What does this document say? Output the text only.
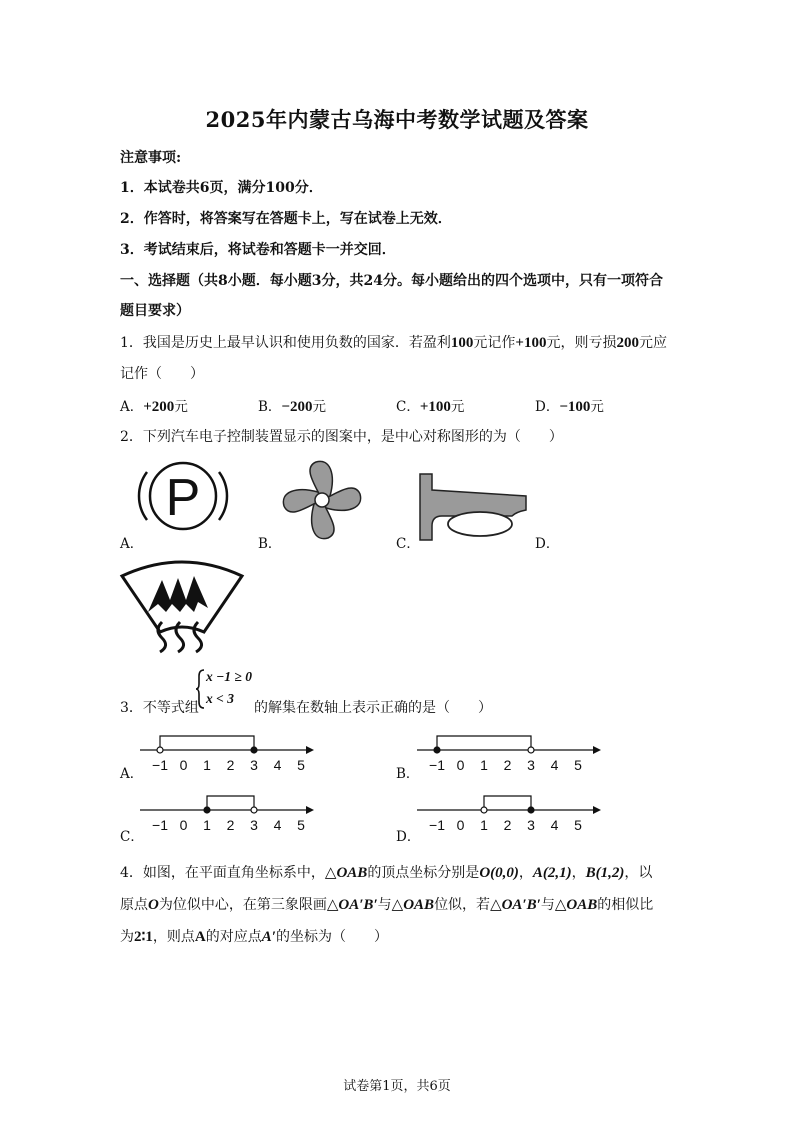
2025年内蒙古乌海中考数学试题及答案
注意事项:
1．本试卷共6页，满分100分．
2．作答时，将答案写在答题卡上，写在试卷上无效．
3．考试结束后，将试卷和答题卡一并交回．
一、选择题（共8小题．每小题3分，共24分。每小题给出的四个选项中，只有一项符合
题目要求）
1．我国是历史上最早认识和使用负数的国家．若盈利100元记作+100元，则亏损200元应
记作（　　）
A．+200元	B．−200元	C．+100元	D．−100元
2．下列汽车电子控制装置显示的图案中，是中心对称图形的为（　　）
P
A．	B．	C．	D．
3．不等式组
x −1 ≥ 0
x < 3
的解集在数轴上表示正确的是（　　）
A．
−1 0 1 2 3 4 5
B．
−1 0 1 2 3 4 5
C．
−1 0 1 2 3 4 5
D．
−1 0 1 2 3 4 5
4．如图，在平面直角坐标系中，△OAB的顶点坐标分别是O(0,0)，A(2,1)，B(1,2)，以
原点O为位似中心，在第三象限画△OA′B′与△OAB位似，若△OA′B′与△OAB的相似比
为2∶1，则点A的对应点A′的坐标为（　　）
试卷第1页，共6页
